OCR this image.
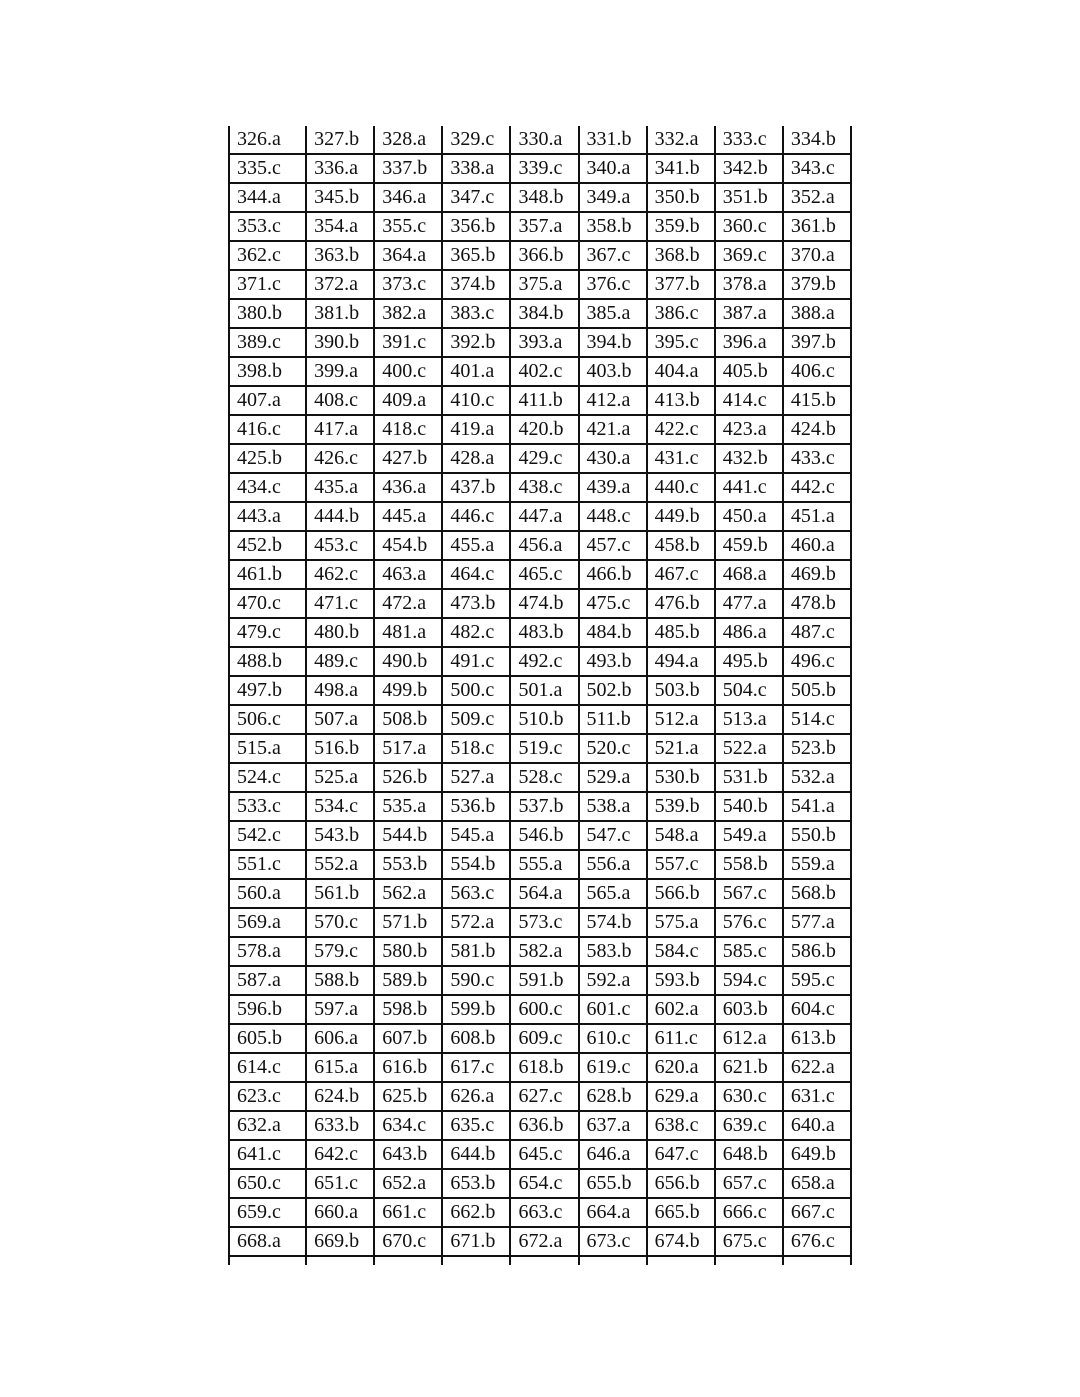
326.a	327.b	328.a	329.c	330.a	331.b	332.a	333.c	334.b
335.c	336.a	337.b	338.a	339.c	340.a	341.b	342.b	343.c
344.a	345.b	346.a	347.c	348.b	349.a	350.b	351.b	352.a
353.c	354.a	355.c	356.b	357.a	358.b	359.b	360.c	361.b
362.c	363.b	364.a	365.b	366.b	367.c	368.b	369.c	370.a
371.c	372.a	373.c	374.b	375.a	376.c	377.b	378.a	379.b
380.b	381.b	382.a	383.c	384.b	385.a	386.c	387.a	388.a
389.c	390.b	391.c	392.b	393.a	394.b	395.c	396.a	397.b
398.b	399.a	400.c	401.a	402.c	403.b	404.a	405.b	406.c
407.a	408.c	409.a	410.c	411.b	412.a	413.b	414.c	415.b
416.c	417.a	418.c	419.a	420.b	421.a	422.c	423.a	424.b
425.b	426.c	427.b	428.a	429.c	430.a	431.c	432.b	433.c
434.c	435.a	436.a	437.b	438.c	439.a	440.c	441.c	442.c
443.a	444.b	445.a	446.c	447.a	448.c	449.b	450.a	451.a
452.b	453.c	454.b	455.a	456.a	457.c	458.b	459.b	460.a
461.b	462.c	463.a	464.c	465.c	466.b	467.c	468.a	469.b
470.c	471.c	472.a	473.b	474.b	475.c	476.b	477.a	478.b
479.c	480.b	481.a	482.c	483.b	484.b	485.b	486.a	487.c
488.b	489.c	490.b	491.c	492.c	493.b	494.a	495.b	496.c
497.b	498.a	499.b	500.c	501.a	502.b	503.b	504.c	505.b
506.c	507.a	508.b	509.c	510.b	511.b	512.a	513.a	514.c
515.a	516.b	517.a	518.c	519.c	520.c	521.a	522.a	523.b
524.c	525.a	526.b	527.a	528.c	529.a	530.b	531.b	532.a
533.c	534.c	535.a	536.b	537.b	538.a	539.b	540.b	541.a
542.c	543.b	544.b	545.a	546.b	547.c	548.a	549.a	550.b
551.c	552.a	553.b	554.b	555.a	556.a	557.c	558.b	559.a
560.a	561.b	562.a	563.c	564.a	565.a	566.b	567.c	568.b
569.a	570.c	571.b	572.a	573.c	574.b	575.a	576.c	577.a
578.a	579.c	580.b	581.b	582.a	583.b	584.c	585.c	586.b
587.a	588.b	589.b	590.c	591.b	592.a	593.b	594.c	595.c
596.b	597.a	598.b	599.b	600.c	601.c	602.a	603.b	604.c
605.b	606.a	607.b	608.b	609.c	610.c	611.c	612.a	613.b
614.c	615.a	616.b	617.c	618.b	619.c	620.a	621.b	622.a
623.c	624.b	625.b	626.a	627.c	628.b	629.a	630.c	631.c
632.a	633.b	634.c	635.c	636.b	637.a	638.c	639.c	640.a
641.c	642.c	643.b	644.b	645.c	646.a	647.c	648.b	649.b
650.c	651.c	652.a	653.b	654.c	655.b	656.b	657.c	658.a
659.c	660.a	661.c	662.b	663.c	664.a	665.b	666.c	667.c
668.a	669.b	670.c	671.b	672.a	673.c	674.b	675.c	676.c
